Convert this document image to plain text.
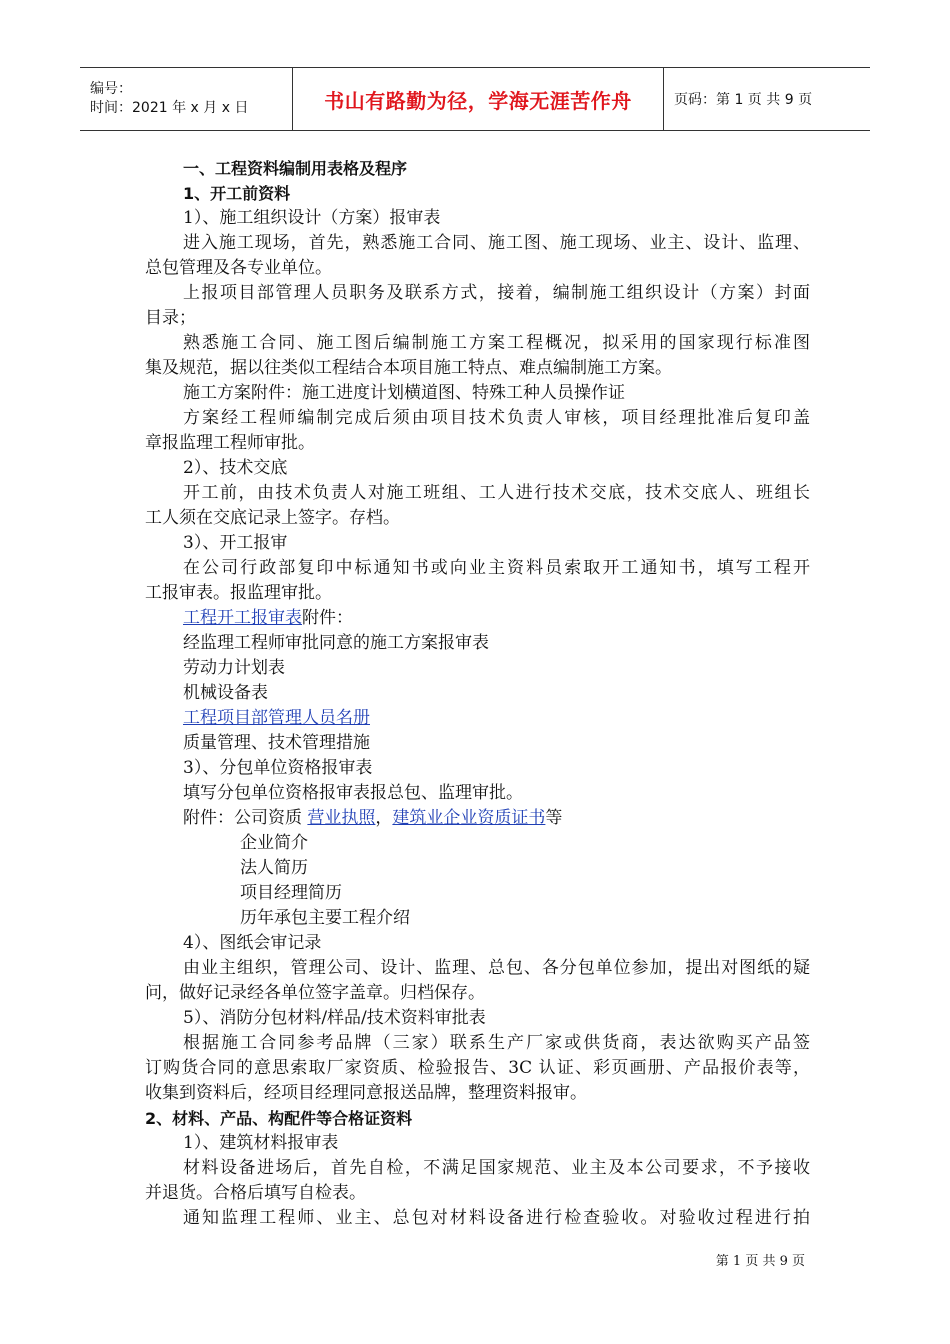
编号：
时间：2021 年 x 月 x 日	书山有路勤为径，学海无涯苦作舟	页码：第 1 页 共 9 页
一、工程资料编制用表格及程序
1、开工前资料
1）、施工组织设计（方案）报审表
进入施工现场，首先，熟悉施工合同、施工图、施工现场、业主、设计、监理、
总包管理及各专业单位。
上报项目部管理人员职务及联系方式，接着，编制施工组织设计（方案）封面
目录；
熟悉施工合同、施工图后编制施工方案工程概况，拟采用的国家现行标准图
集及规范，据以往类似工程结合本项目施工特点、难点编制施工方案。
施工方案附件：施工进度计划横道图、特殊工种人员操作证
方案经工程师编制完成后须由项目技术负责人审核，项目经理批准后复印盖
章报监理工程师审批。
2）、技术交底
开工前，由技术负责人对施工班组、工人进行技术交底，技术交底人、班组长
工人须在交底记录上签字。存档。
3）、开工报审
在公司行政部复印中标通知书或向业主资料员索取开工通知书，填写工程开
工报审表。报监理审批。
工程开工报审表附件：
经监理工程师审批同意的施工方案报审表
劳动力计划表
机械设备表
工程项目部管理人员名册
质量管理、技术管理措施
3）、分包单位资格报审表
填写分包单位资格报审表报总包、监理审批。
附件：公司资质 营业执照，建筑业企业资质证书等
企业简介
法人简历
项目经理简历
历年承包主要工程介绍
4）、图纸会审记录
由业主组织，管理公司、设计、监理、总包、各分包单位参加，提出对图纸的疑
问，做好记录经各单位签字盖章。归档保存。
5）、消防分包材料/样品/技术资料审批表
根据施工合同参考品牌（三家）联系生产厂家或供货商，表达欲购买产品签
订购货合同的意思索取厂家资质、检验报告、3C 认证、彩页画册、产品报价表等，
收集到资料后，经项目经理同意报送品牌，整理资料报审。
2、材料、产品、构配件等合格证资料
1）、建筑材料报审表
材料设备进场后，首先自检，不满足国家规范、业主及本公司要求，不予接收
并退货。合格后填写自检表。
通知监理工程师、业主、总包对材料设备进行检查验收。对验收过程进行拍
第 1 页 共 9 页
